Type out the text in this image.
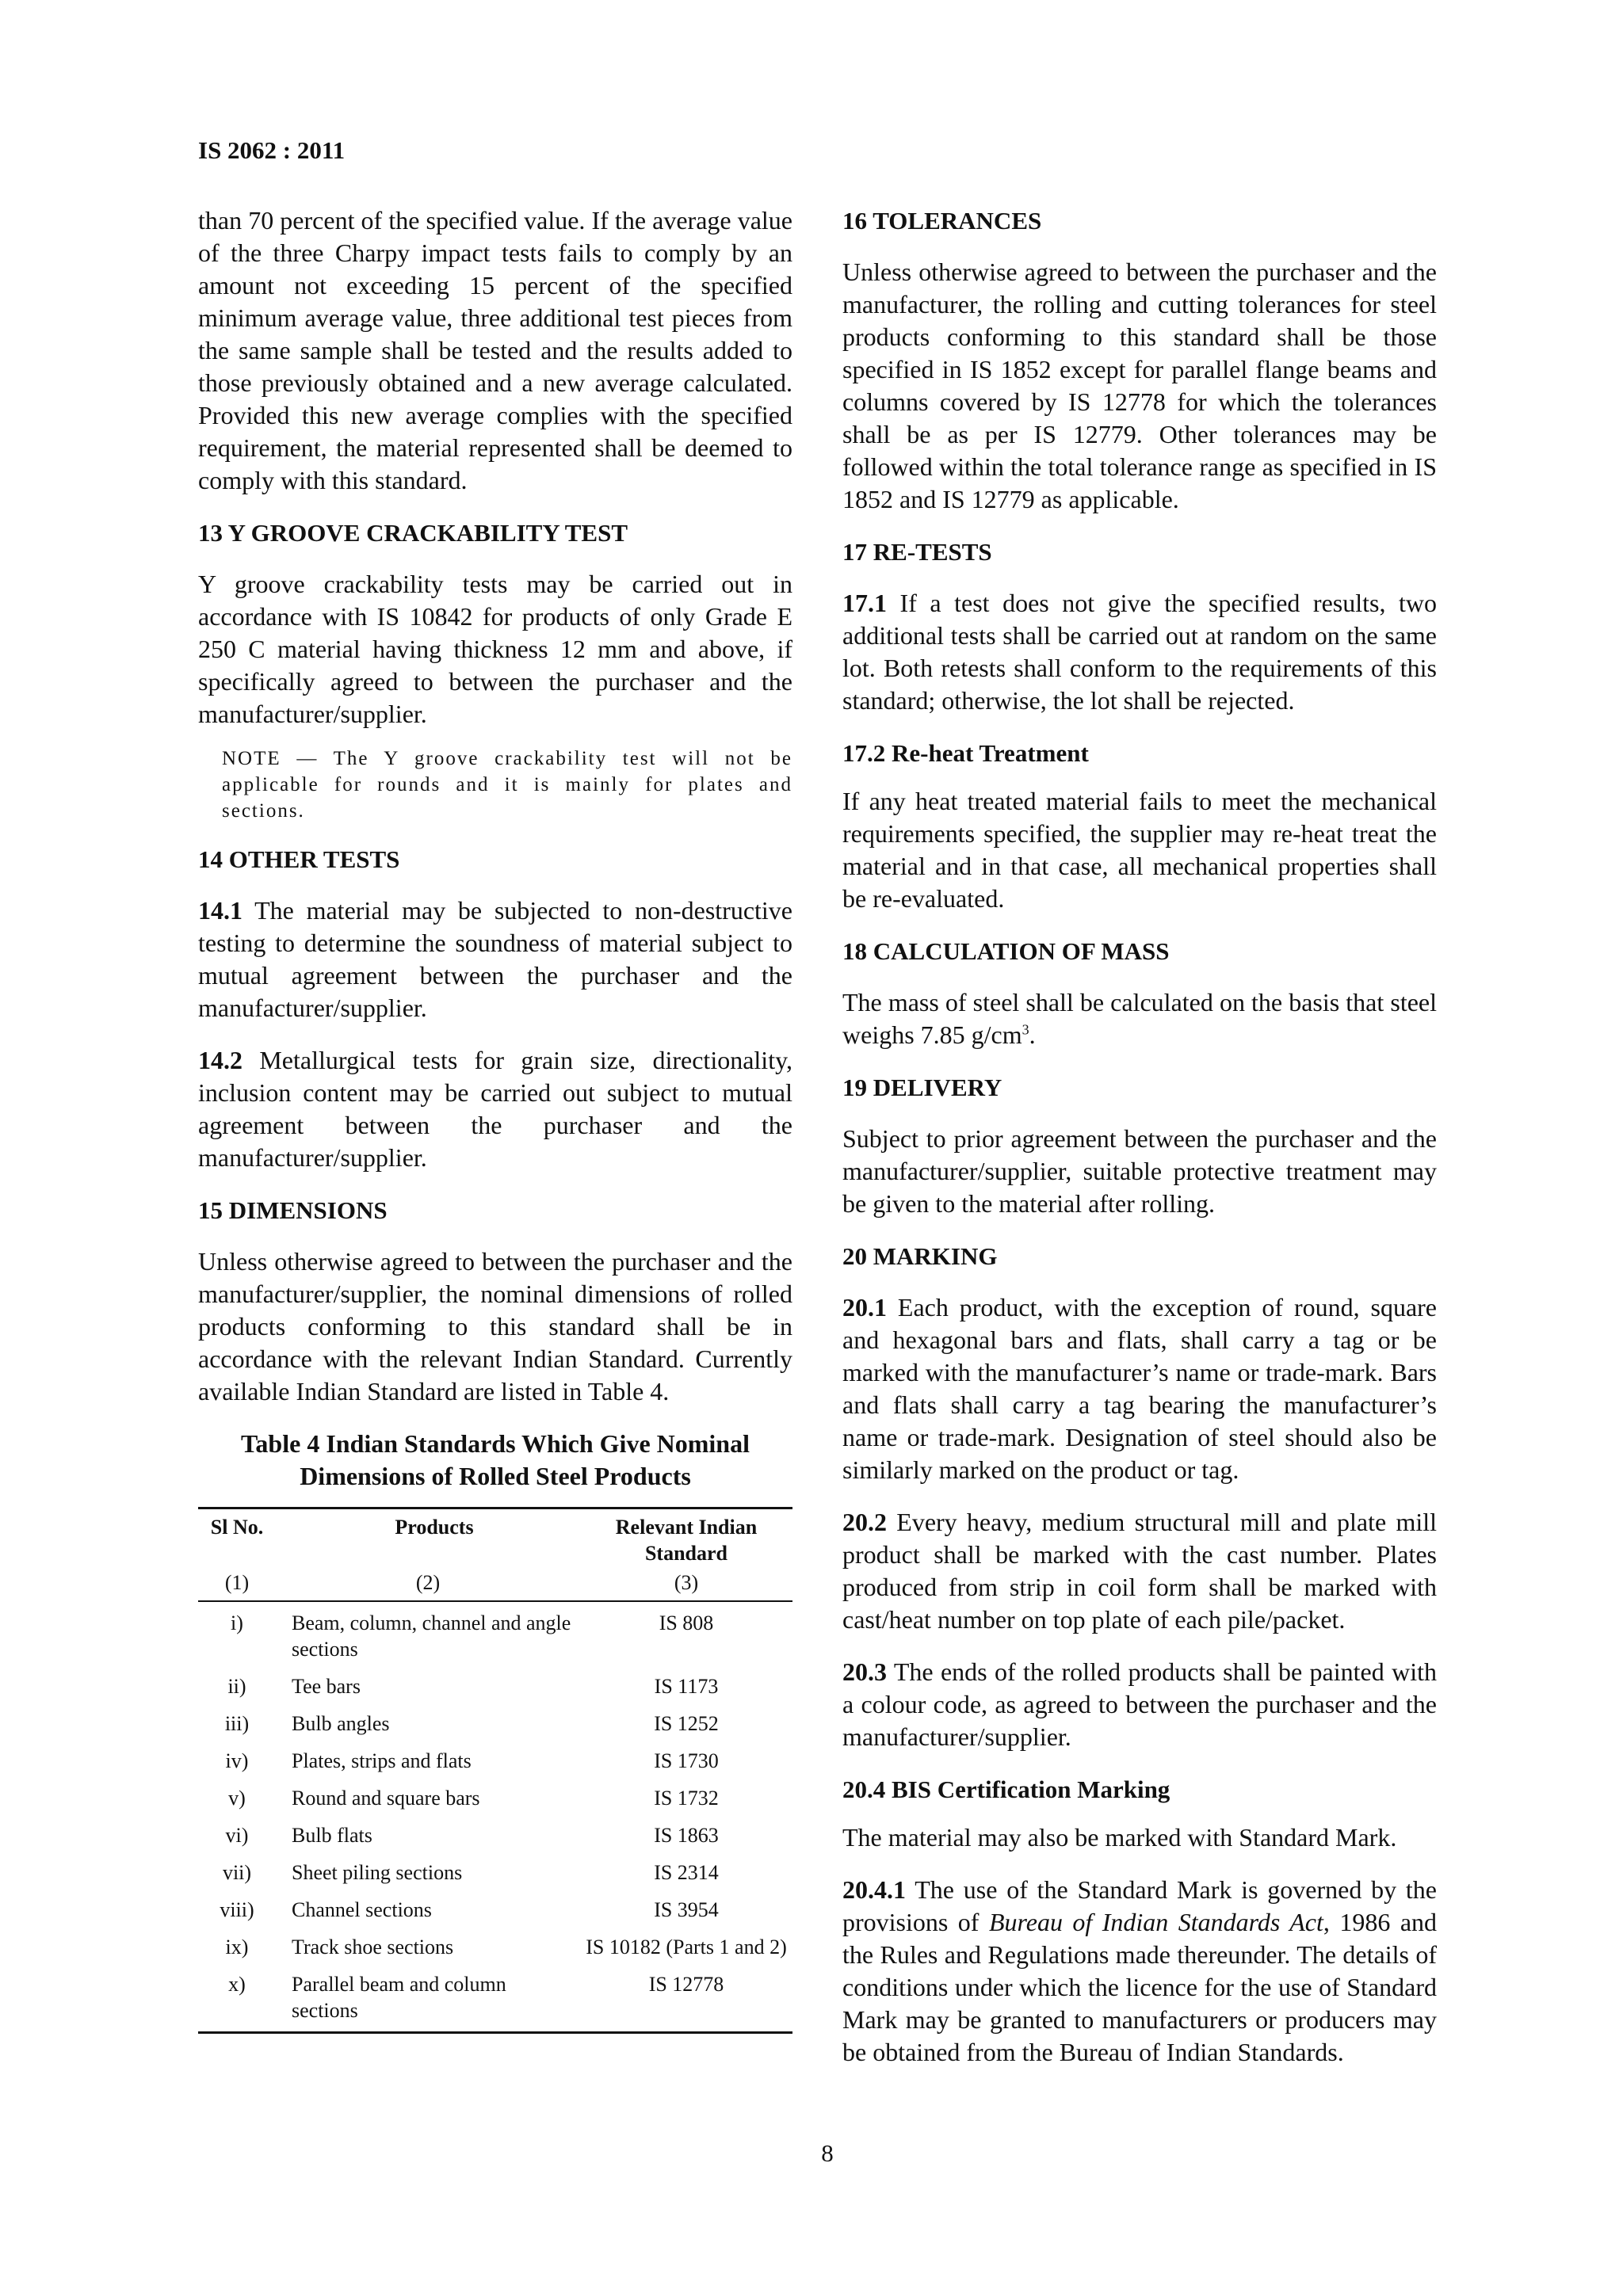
IS 2062 : 2011

than 70 percent of the specified value. If the average value of the three Charpy impact tests fails to comply by an amount not exceeding 15 percent of the specified minimum average value, three additional test pieces from the same sample shall be tested and the results added to those previously obtained and a new average calculated. Provided this new average complies with the specified requirement, the material represented shall be deemed to comply with this standard.

13 Y GROOVE CRACKABILITY TEST

Y groove crackability tests may be carried out in accordance with IS 10842 for products of only Grade E 250 C material having thickness 12 mm and above, if specifically agreed to between the purchaser and the manufacturer/supplier.

NOTE — The Y groove crackability test will not be applicable for rounds and it is mainly for plates and sections.
14 OTHER TESTS

14.1 The material may be subjected to non-destructive testing to determine the soundness of material subject to mutual agreement between the purchaser and the manufacturer/supplier.

14.2 Metallurgical tests for grain size, directionality, inclusion content may be carried out subject to mutual agreement between the purchaser and the manufacturer/supplier.

15 DIMENSIONS

Unless otherwise agreed to between the purchaser and the manufacturer/supplier, the nominal dimensions of rolled products conforming to this standard shall be in accordance with the relevant Indian Standard. Currently available Indian Standard are listed in Table 4.

Table 4 Indian Standards Which Give Nominal
Dimensions of Rolled Steel Products
Sl No.	Products	Relevant Indian Standard
(1)	(2)	(3)
i)	Beam, column, channel and angle sections	IS 808
ii)	Tee bars	IS 1173
iii)	Bulb angles	IS 1252
iv)	Plates, strips and flats	IS 1730
v)	Round and square bars	IS 1732
vi)	Bulb flats	IS 1863
vii)	Sheet piling sections	IS 2314
viii)	Channel sections	IS 3954
ix)	Track shoe sections	IS 10182 (Parts 1 and 2)
x)	Parallel beam and column sections	IS 12778
16 TOLERANCES

Unless otherwise agreed to between the purchaser and the manufacturer, the rolling and cutting tolerances for steel products conforming to this standard shall be those specified in IS 1852 except for parallel flange beams and columns covered by IS 12778 for which the tolerances shall be as per IS 12779. Other tolerances may be followed within the total tolerance range as specified in IS 1852 and IS 12779 as applicable.

17 RE-TESTS

17.1 If a test does not give the specified results, two additional tests shall be carried out at random on the same lot. Both retests shall conform to the requirements of this standard; otherwise, the lot shall be rejected.

17.2 Re-heat Treatment

If any heat treated material fails to meet the mechanical requirements specified, the supplier may re-heat treat the material and in that case, all mechanical properties shall be re-evaluated.

18 CALCULATION OF MASS

The mass of steel shall be calculated on the basis that steel weighs 7.85 $g/cm^3$.

19 DELIVERY

Subject to prior agreement between the purchaser and the manufacturer/supplier, suitable protective treatment may be given to the material after rolling.

20 MARKING

20.1 Each product, with the exception of round, square and hexagonal bars and flats, shall carry a tag or be marked with the manufacturer’s name or trade-mark. Bars and flats shall carry a tag bearing the manufacturer’s name or trade-mark. Designation of steel should also be similarly marked on the product or tag.

20.2 Every heavy, medium structural mill and plate mill product shall be marked with the cast number. Plates produced from strip in coil form shall be marked with cast/heat number on top plate of each pile/packet.

20.3 The ends of the rolled products shall be painted with a colour code, as agreed to between the purchaser and the manufacturer/supplier.

20.4 BIS Certification Marking

The material may also be marked with Standard Mark.

20.4.1 The use of the Standard Mark is governed by the provisions of Bureau of Indian Standards Act, 1986 and the Rules and Regulations made thereunder. The details of conditions under which the licence for the use of Standard Mark may be granted to manufacturers or producers may be obtained from the Bureau of Indian Standards.

8
